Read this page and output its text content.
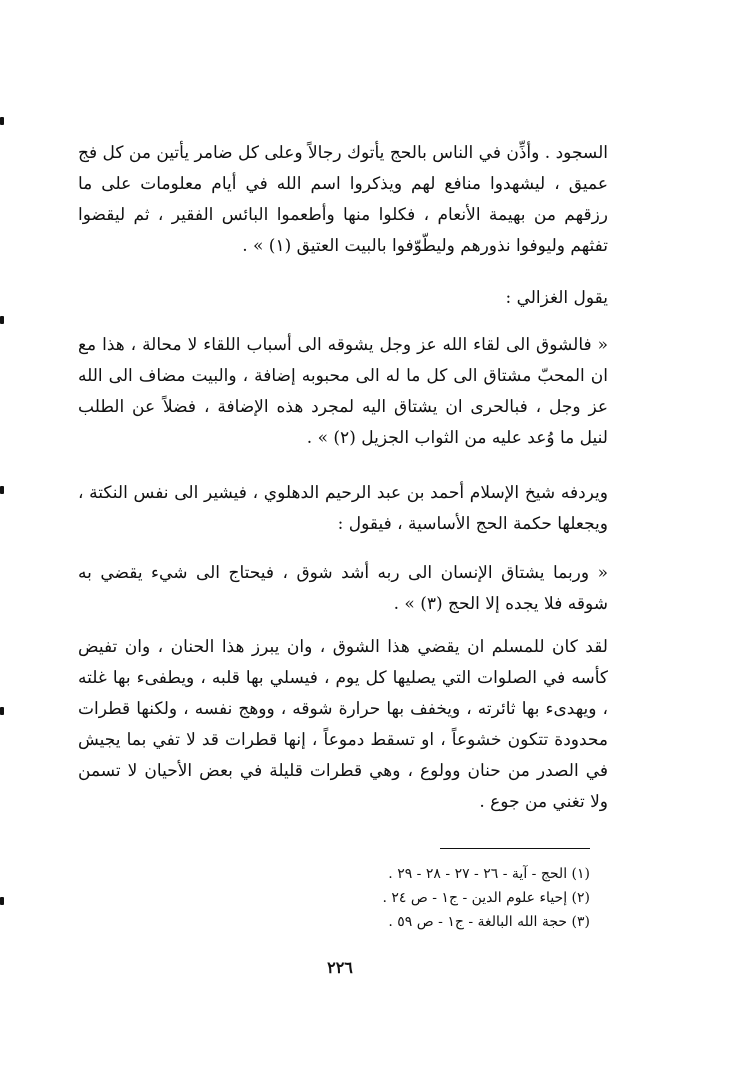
السجود . وأذِّن في الناس بالحج يأتوك رجالاً وعلى كل ضامر يأتين من كل فج عميق ، ليشهدوا منافع لهم ويذكروا اسم الله في أيام معلومات على ما رزقهم من بهيمة الأنعام ، فكلوا منها وأطعموا البائس الفقير ، ثم ليقضوا تفثهم وليوفوا نذورهم وليطّوّفوا بالبيت العتيق (١) » .

يقول الغزالي :

« فالشوق الى لقاء الله عز وجل يشوقه الى أسباب اللقاء لا محالة ، هذا مع ان المحبّ مشتاق الى كل ما له الى محبوبه إضافة ، والبيت مضاف الى الله عز وجل ، فبالحرى ان يشتاق اليه لمجرد هذه الإضافة ، فضلاً عن الطلب لنيل ما وُعد عليه من الثواب الجزيل (٢) » .

ويردفه شيخ الإسلام أحمد بن عبد الرحيم الدهلوي ، فيشير الى نفس النكتة ، ويجعلها حكمة الحج الأساسية ، فيقول :

« وربما يشتاق الإنسان الى ربه أشد شوق ، فيحتاج الى شيء يقضي به شوقه فلا يجده إلا الحج (٣) » .

لقد كان للمسلم ان يقضي هذا الشوق ، وان يبرز هذا الحنان ، وان تفيض كأسه في الصلوات التي يصليها كل يوم ، فيسلي بها قلبه ، ويطفىء بها غلته ، ويهدىء بها ثائرته ، ويخفف بها حرارة شوقه ، ووهج نفسه ، ولكنها قطرات محدودة تتكون خشوعاً ، او تسقط دموعاً ، إنها قطرات قد لا تفي بما يجيش في الصدر من حنان وولوع ، وهي قطرات قليلة في بعض الأحيان لا تسمن ولا تغني من جوع .

(١) الحج - آية - ٢٦ - ٢٧ - ٢٨ - ٢٩ .

(٢) إحياء علوم الدين - ج١ - ص ٢٤ .

(٣) حجة الله البالغة - ج١ - ص ٥٩ .

٢٢٦
